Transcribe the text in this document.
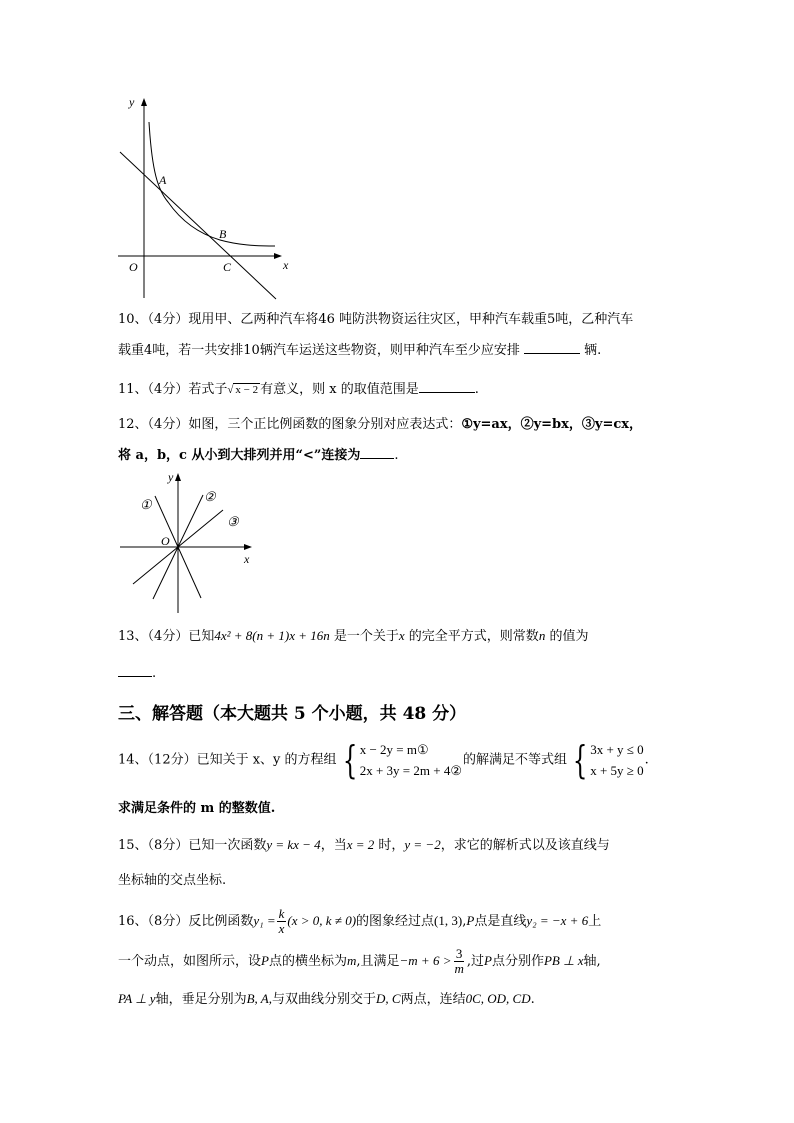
y
x
O
A
B
C
10、（4分）现用甲、乙两种汽车将46 吨防洪物资运往灾区，甲种汽车载重5吨，乙种汽车
载重4吨，若一共安排10辆汽车运送这些物资，则甲种汽车至少应安排	辆.
11、（4分）若式子√ x − 2 有意义，则 x 的取值范围是	.
12、（4分）如图，三个正比例函数的图象分别对应表达式：①y=ax，②y=bx，③y=cx，
将 a，b，c 从小到大排列并用“<”连接为	.
y
x
O
①
②
③
13、（4分）已知4x² + 8(n + 1)x + 16n 是一个关于x 的完全平方式，则常数n 的值为
.
三、解答题（本大题共 5 个小题，共 48 分）
14、（12分）已知关于 x、y 的方程组 { x − 2y = m①
2x + 3y = 2m + 4②
的解满足不等式组 { 3x + y ≤ 0
x + 5y ≥ 0
.
求满足条件的 m 的整数值.
15、（8分）已知一次函数y = kx − 4，当x = 2 时，y = −2，求它的解析式以及该直线与
坐标轴的交点坐标.
16、（8分）反比例函数$y_1 = \frac{k}{x} (x > 0$, k ≠ 0)的图象经过点(1, 3),P点是直线y₂ = −x + 6上
一个动点，如图所示，设P点的横坐标为m,且满足$-m + 6 > \frac{3}{m}$ ,过P点分别作PB ⊥ x轴,
PA ⊥ y轴，垂足分别为B, A,与双曲线分别交于D, C两点，连结0C, OD, CD.
